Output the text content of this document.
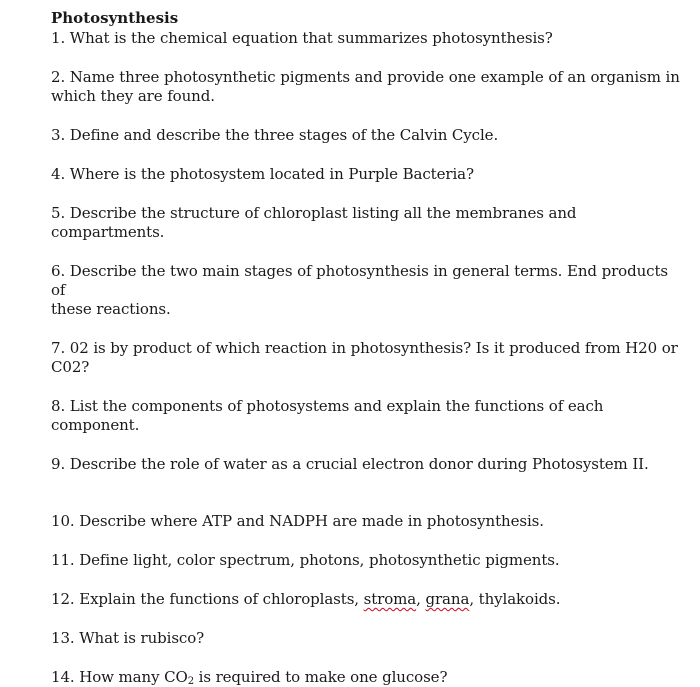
Photosynthesis

1. What is the chemical equation that summarizes photosynthesis?

2. Name three photosynthetic pigments and provide one example of an organism in

which they are found.

3. Define and describe the three stages of the Calvin Cycle.

4. Where is the photosystem located in Purple Bacteria?

5. Describe the structure of chloroplast listing all the membranes and compartments.

6. Describe the two main stages of photosynthesis in general terms. End products of

these reactions.

7. 02 is by product of which reaction in photosynthesis? Is it produced from H20 or

C02?

8. List the components of photosystems and explain the functions of each component.

9. Describe the role of water as a crucial electron donor during Photosystem II.

10. Describe where ATP and NADPH are made in photosynthesis.

11. Define light, color spectrum, photons, photosynthetic pigments.

12. Explain the functions of chloroplasts, stroma, grana, thylakoids.

13. What is rubisco?

14. How many $CO_2$ is required to make one glucose?
